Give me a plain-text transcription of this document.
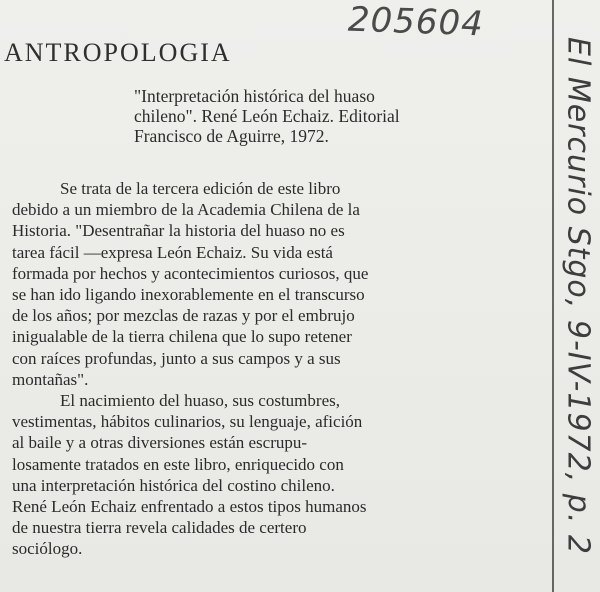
ANTROPOLOGIA
205604
"Interpretación histórica del huaso
chileno". René León Echaiz. Editorial
Francisco de Aguirre, 1972.
Se trata de la tercera edición de este libro
debido a un miembro de la Academia Chilena de la
Historia. "Desentrañar la historia del huaso no es
tarea fácil —expresa León Echaiz. Su vida está
formada por hechos y acontecimientos curiosos, que
se han ido ligando inexorablemente en el transcurso
de los años; por mezclas de razas y por el embrujo
inigualable de la tierra chilena que lo supo retener
con raíces profundas, junto a sus campos y a sus
montañas".
El nacimiento del huaso, sus costumbres,
vestimentas, hábitos culinarios, su lenguaje, afición
al baile y a otras diversiones están escrupu-
losamente tratados en este libro, enriquecido con
una interpretación histórica del costino chileno.
René León Echaiz enfrentado a estos tipos humanos
de nuestra tierra revela calidades de certero
sociólogo.	El Mercurio Stgo, 9-IV-1972, p. 2
